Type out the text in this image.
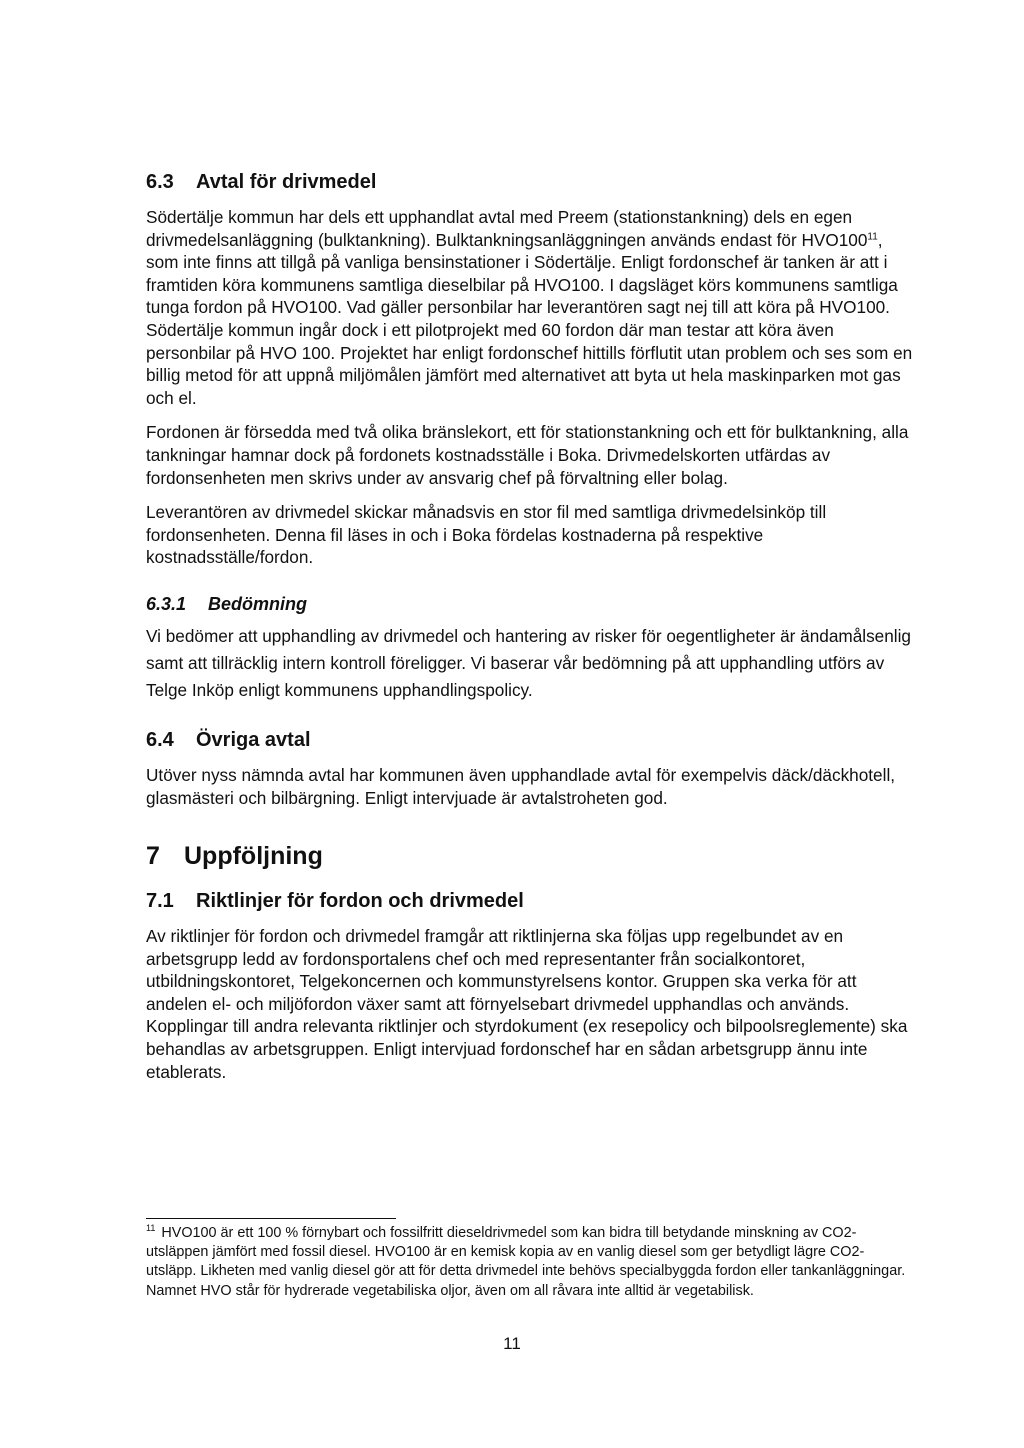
6.3	Avtal för drivmedel

Södertälje kommun har dels ett upphandlat avtal med Preem (stationstankning) dels en egen drivmedelsanläggning (bulktankning). Bulktankningsanläggningen används endast för $HVO100^{11}$, som inte finns att tillgå på vanliga bensinstationer i Södertälje. Enligt fordonschef är tanken är att i framtiden köra kommunens samtliga dieselbilar på HVO100. I dagsläget körs kommunens samtliga tunga fordon på HVO100. Vad gäller personbilar har leverantören sagt nej till att köra på HVO100. Södertälje kommun ingår dock i ett pilotprojekt med 60 fordon där man testar att köra även personbilar på HVO 100. Projektet har enligt fordonschef hittills förflutit utan problem och ses som en billig metod för att uppnå miljömålen jämfört med alternativet att byta ut hela maskinparken mot gas och el.

Fordonen är försedda med två olika bränslekort, ett för stationstankning och ett för bulktankning, alla tankningar hamnar dock på fordonets kostnadsställe i Boka. Drivmedelskorten utfärdas av fordonsenheten men skrivs under av ansvarig chef på förvaltning eller bolag.

Leverantören av drivmedel skickar månadsvis en stor fil med samtliga drivmedelsinköp till fordonsenheten. Denna fil läses in och i Boka fördelas kostnaderna på respektive kostnadsställe/fordon.

6.3.1	Bedömning

Vi bedömer att upphandling av drivmedel och hantering av risker för oegentligheter är ändamålsenlig samt att tillräcklig intern kontroll föreligger. Vi baserar vår bedömning på att upphandling utförs av Telge Inköp enligt kommunens upphandlingspolicy.

6.4	Övriga avtal

Utöver nyss nämnda avtal har kommunen även upphandlade avtal för exempelvis däck/däckhotell, glasmästeri och bilbärgning. Enligt intervjuade är avtalstroheten god.

7 Uppföljning
7.1	Riktlinjer för fordon och drivmedel

Av riktlinjer för fordon och drivmedel framgår att riktlinjerna ska följas upp regelbundet av en arbetsgrupp ledd av fordonsportalens chef och med representanter från socialkontoret, utbildningskontoret, Telgekoncernen och kommunstyrelsens kontor. Gruppen ska verka för att andelen el- och miljöfordon växer samt att förnyelsebart drivmedel upphandlas och används. Kopplingar till andra relevanta riktlinjer och styrdokument (ex resepolicy och bilpoolsreglemente) ska behandlas av arbetsgruppen. Enligt intervjuad fordonschef har en sådan arbetsgrupp ännu inte etablerats.

$^{11}$ HVO100 är ett 100 % förnybart och fossilfritt dieseldrivmedel som kan bidra till betydande minskning av CO2-utsläppen jämfört med fossil diesel. HVO100 är en kemisk kopia av en vanlig diesel som ger betydligt lägre CO2-utsläpp. Likheten med vanlig diesel gör att för detta drivmedel inte behövs specialbyggda fordon eller tankanläggningar. Namnet HVO står för hydrerade vegetabiliska oljor, även om all råvara inte alltid är vegetabilisk.
11
